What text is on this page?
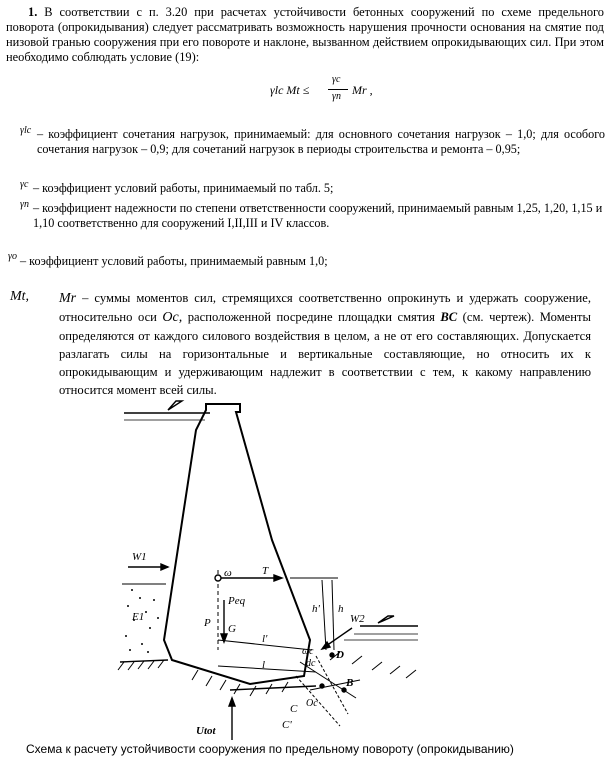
1. В соответствии с п. 3.20 при расчетах устойчивости бетонных сооружений по схеме предельного поворота (опрокидывания) следует рассматривать возможность нарушения прочности основания на смятие под низовой гранью сооружения при его повороте и наклоне, вызванном действием опрокидывающих сил. При этом необходимо соблюдать условие (19):
γlc Mt ≤
γc
γn Mr ,
γlc – коэффициент сочетания нагрузок, принимаемый: для основного сочетания нагрузок – 1,0; для особого сочетания нагрузок – 0,9; для сочетаний нагрузок в периоды строительства и ремонта – 0,95;
γc – коэффициент условий работы, принимаемый по табл. 5;
γn – коэффициент надежности по степени ответственности сооружений, принимаемый равным 1,25, 1,20, 1,15 и 1,10 соответственно для сооружений I,II,III и IV классов.
γo – коэффициент условий работы, принимаемый равным 1,0;
Mt, Mr – суммы моментов сил, стремящихся соответственно опрокинуть и удержать сооружение, относительно оси Oc, расположенной посредине площадки смятия BC (см. чертеж). Моменты определяются от каждого силового воздействия в целом, а не от его составляющих. Допускается разлагать силы на горизонтальные и вертикальные составляющие, но относить их к опрокидывающим и удерживающим надлежит в соответствии с тем, к какому направлению относится момент всей силы.
W1
E1
ω	T
Peq
G
P
l'
l
h' h
W2
D
dc
ωc
Oc
B
C
C'
Utot
Схема к расчету устойчивости сооружения по предельному повороту (опрокидыванию)
